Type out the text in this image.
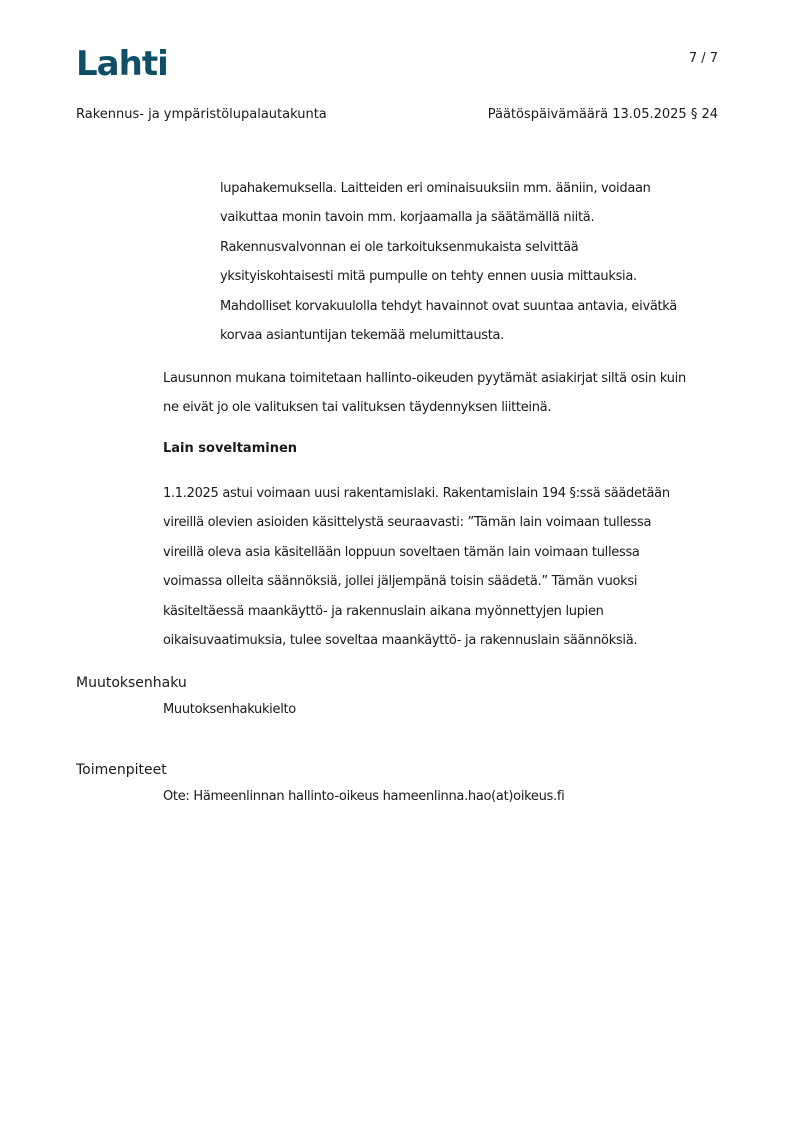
Lahti	7 / 7
Rakennus- ja ympäristölupalautakunta	Päätöspäivämäärä 13.05.2025 § 24

lupahakemuksella. Laitteiden eri ominaisuuksiin mm. ääniin, voidaan

vaikuttaa monin tavoin mm. korjaamalla ja säätämällä niitä.

Rakennusvalvonnan ei ole tarkoituksenmukaista selvittää

yksityiskohtaisesti mitä pumpulle on tehty ennen uusia mittauksia.

Mahdolliset korvakuulolla tehdyt havainnot ovat suuntaa antavia, eivätkä

korvaa asiantuntijan tekemää melumittausta.

Lausunnon mukana toimitetaan hallinto-oikeuden pyytämät asiakirjat siltä osin kuin

ne eivät jo ole valituksen tai valituksen täydennyksen liitteinä.

Lain soveltaminen

1.1.2025 astui voimaan uusi rakentamislaki. Rakentamislain 194 §:ssä säädetään

vireillä olevien asioiden käsittelystä seuraavasti: ”Tämän lain voimaan tullessa

vireillä oleva asia käsitellään loppuun soveltaen tämän lain voimaan tullessa

voimassa olleita säännöksiä, jollei jäljempänä toisin säädetä.” Tämän vuoksi

käsiteltäessä maankäyttö- ja rakennuslain aikana myönnettyjen lupien

oikaisuvaatimuksia, tulee soveltaa maankäyttö- ja rakennuslain säännöksiä.

Muutoksenhaku
Muutoksenhakukielto
Toimenpiteet
Ote: Hämeenlinnan hallinto-oikeus hameenlinna.hao(at)oikeus.fi
